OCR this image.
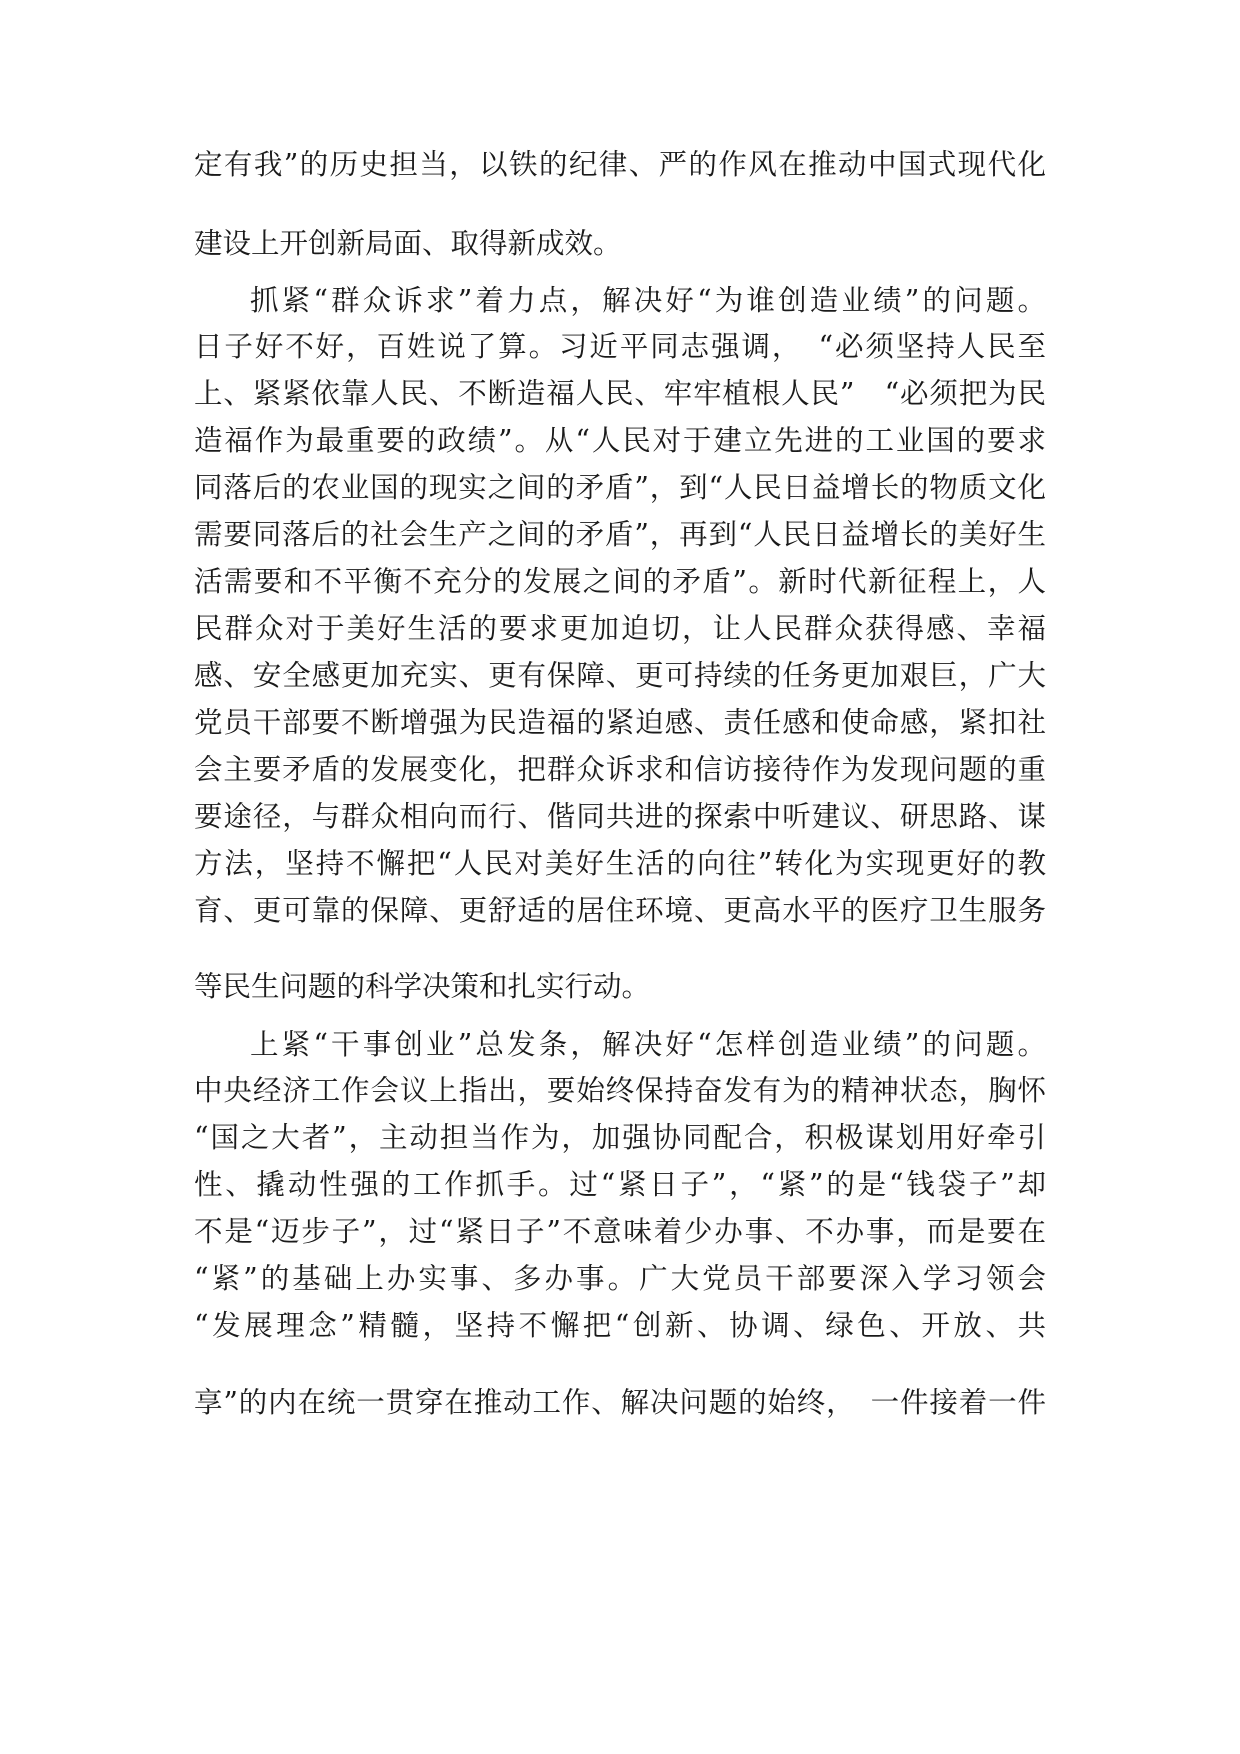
定有我”的历史担当，以铁的纪律、严的作风在推动中国式现代化
建设上开创新局面、取得新成效。
抓紧“群众诉求”着力点，解决好“为谁创造业绩”的问题。
日子好不好，百姓说了算。习近平同志强调，　“必须坚持人民至
上、紧紧依靠人民、不断造福人民、牢牢植根人民”　“必须把为民
造福作为最重要的政绩”。从“人民对于建立先进的工业国的要求
同落后的农业国的现实之间的矛盾”，到“人民日益增长的物质文化
需要同落后的社会生产之间的矛盾”，再到“人民日益增长的美好生
活需要和不平衡不充分的发展之间的矛盾”。新时代新征程上，人
民群众对于美好生活的要求更加迫切，让人民群众获得感、幸福
感、安全感更加充实、更有保障、更可持续的任务更加艰巨，广大
党员干部要不断增强为民造福的紧迫感、责任感和使命感，紧扣社
会主要矛盾的发展变化，把群众诉求和信访接待作为发现问题的重
要途径，与群众相向而行、偕同共进的探索中听建议、研思路、谋
方法，坚持不懈把“人民对美好生活的向往”转化为实现更好的教
育、更可靠的保障、更舒适的居住环境、更高水平的医疗卫生服务
等民生问题的科学决策和扎实行动。
上紧“干事创业”总发条，解决好“怎样创造业绩”的问题。
中央经济工作会议上指出，要始终保持奋发有为的精神状态，胸怀
“国之大者”，主动担当作为，加强协同配合，积极谋划用好牵引
性、撬动性强的工作抓手。过“紧日子”，“紧”的是“钱袋子”却
不是“迈步子”，过“紧日子”不意味着少办事、不办事，而是要在
“紧”的基础上办实事、多办事。广大党员干部要深入学习领会
“发展理念”精髓，坚持不懈把“创新、协调、绿色、开放、共
享”的内在统一贯穿在推动工作、解决问题的始终，　一件接着一件
